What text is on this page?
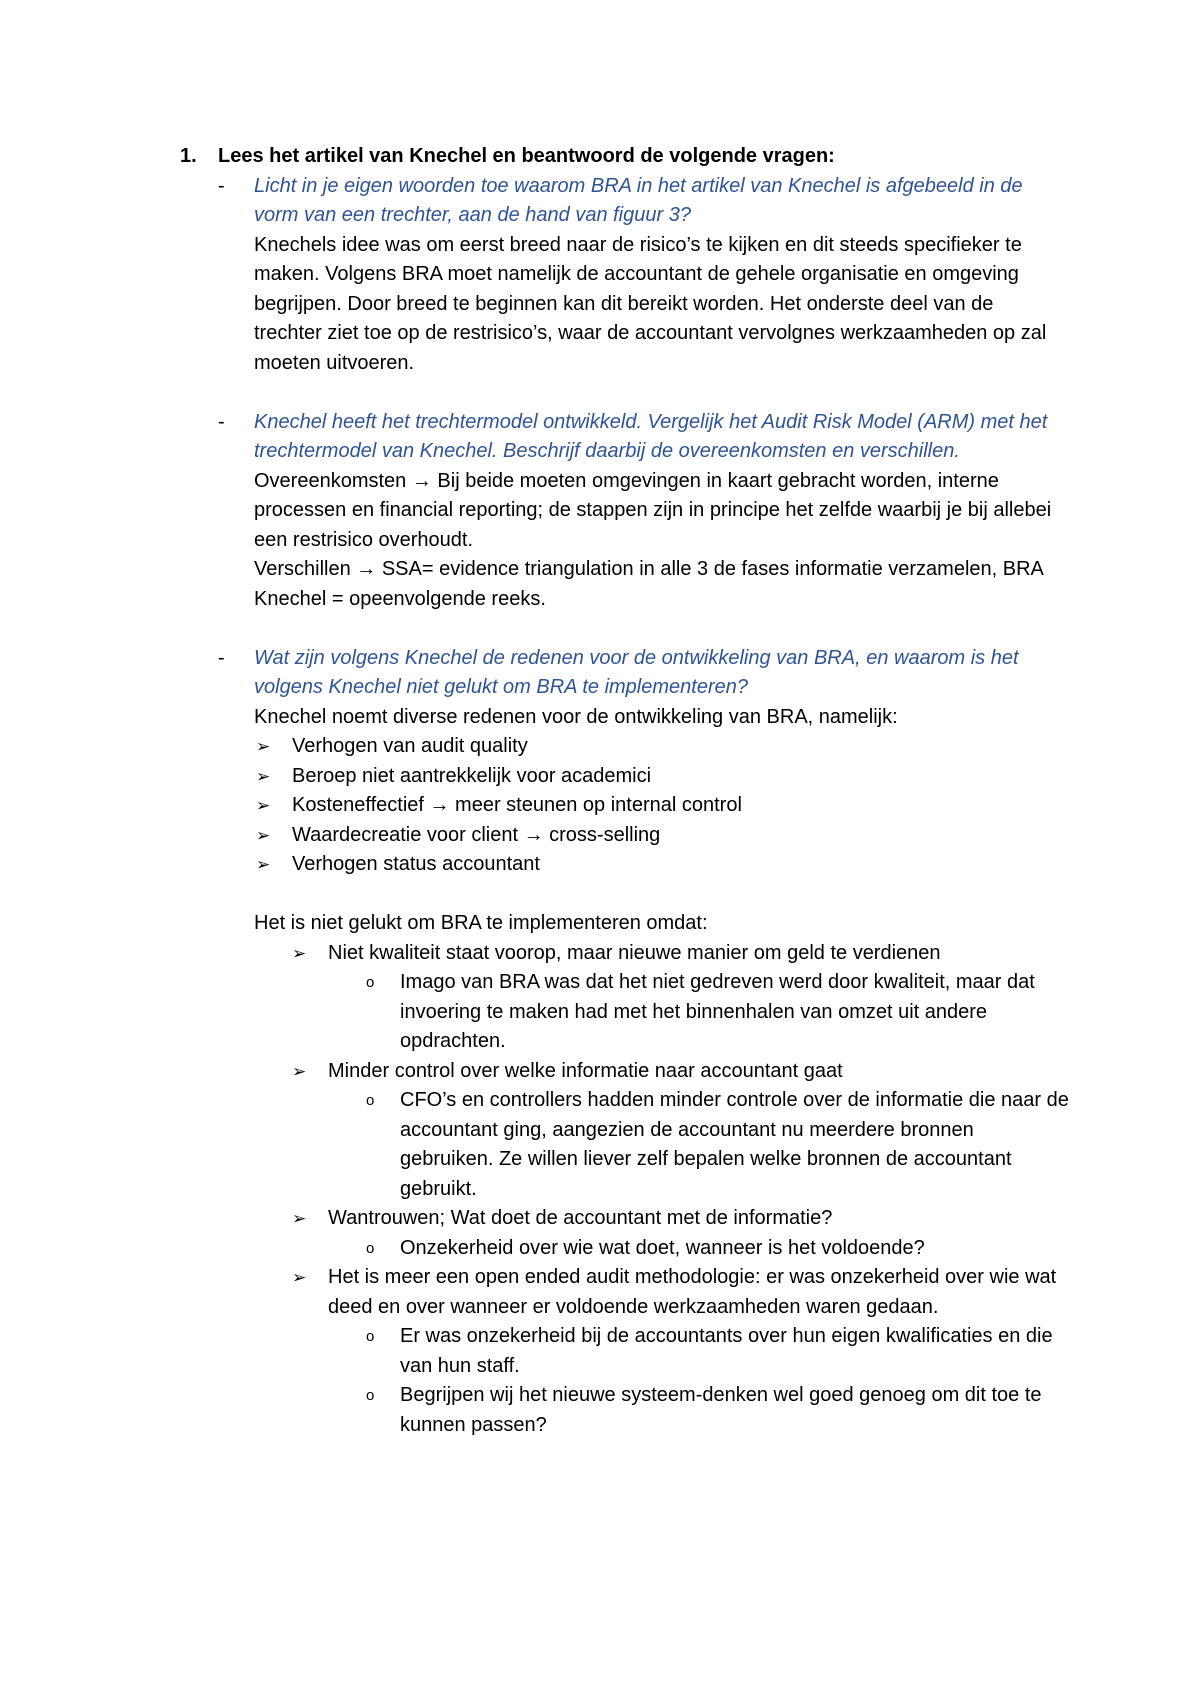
1. Lees het artikel van Knechel en beantwoord de volgende vragen:
- Licht in je eigen woorden toe waarom BRA in het artikel van Knechel is afgebeeld in de vorm van een trechter, aan de hand van figuur 3?
Knechels idee was om eerst breed naar de risico’s te kijken en dit steeds specifieker te maken. Volgens BRA moet namelijk de accountant de gehele organisatie en omgeving begrijpen. Door breed te beginnen kan dit bereikt worden. Het onderste deel van de trechter ziet toe op de restrisico’s, waar de accountant vervolgnes werkzaamheden op zal moeten uitvoeren.
- Knechel heeft het trechtermodel ontwikkeld. Vergelijk het Audit Risk Model (ARM) met het trechtermodel van Knechel. Beschrijf daarbij de overeenkomsten en verschillen.
Overeenkomsten → Bij beide moeten omgevingen in kaart gebracht worden, interne processen en financial reporting; de stappen zijn in principe het zelfde waarbij je bij allebei een restrisico overhoudt.
Verschillen → SSA= evidence triangulation in alle 3 de fases informatie verzamelen, BRA Knechel = opeenvolgende reeks.
- Wat zijn volgens Knechel de redenen voor de ontwikkeling van BRA, en waarom is het volgens Knechel niet gelukt om BRA te implementeren?
Knechel noemt diverse redenen voor de ontwikkeling van BRA, namelijk:
➢ Verhogen van audit quality
➢ Beroep niet aantrekkelijk voor academici
➢ Kosteneffectief → meer steunen op internal control
➢ Waardecreatie voor client → cross-selling
➢ Verhogen status accountant
Het is niet gelukt om BRA te implementeren omdat:
➢ Niet kwaliteit staat voorop, maar nieuwe manier om geld te verdienen
o Imago van BRA was dat het niet gedreven werd door kwaliteit, maar dat invoering te maken had met het binnenhalen van omzet uit andere opdrachten.
➢ Minder control over welke informatie naar accountant gaat
o CFO’s en controllers hadden minder controle over de informatie die naar de accountant ging, aangezien de accountant nu meerdere bronnen gebruiken. Ze willen liever zelf bepalen welke bronnen de accountant gebruikt.
➢ Wantrouwen; Wat doet de accountant met de informatie?
o Onzekerheid over wie wat doet, wanneer is het voldoende?
➢ Het is meer een open ended audit methodologie: er was onzekerheid over wie wat deed en over wanneer er voldoende werkzaamheden waren gedaan.
o Er was onzekerheid bij de accountants over hun eigen kwalificaties en die van hun staff.
o Begrijpen wij het nieuwe systeem-denken wel goed genoeg om dit toe te kunnen passen?
